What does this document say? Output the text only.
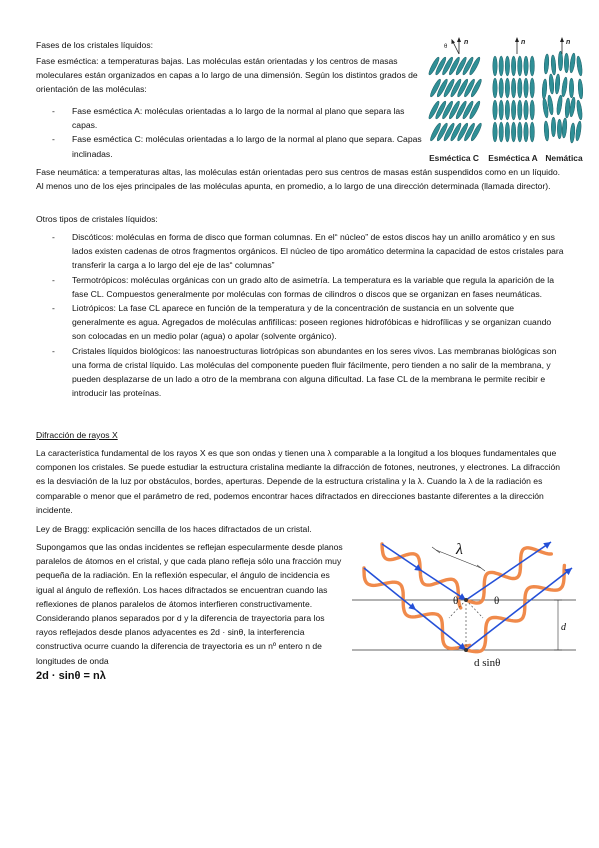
Fases de los cristales líquidos:

Fase esméctica: a temperaturas bajas. Las moléculas están orientadas y los centros de masas moleculares están organizados en capas a lo largo de una dimensión. Según los distintos grados de orientación de las moléculas:

- Fase esméctica A: moléculas orientadas a lo largo de la normal al plano que separa las capas.
- Fase esméctica C: moléculas orientadas a lo largo de la normal al plano que separa. Capas inclinadas.
n
θ
n	n
Esméctica C Esméctica A Nemática

Fase neumática: a temperaturas altas, las moléculas están orientadas pero sus centros de masas están suspendidos como en un líquido. Al menos uno de los ejes principales de las moléculas apunta, en promedio, a lo largo de una dirección determinada (llamada director).

Otros tipos de cristales líquidos:

- Discóticos: moléculas en forma de disco que forman columnas. En el“ núcleo” de estos discos hay un anillo aromático y en sus lados existen cadenas de otros fragmentos orgánicos. El núcleo de tipo aromático determina la capacidad de estos cristales para transferir la carga a lo largo del eje de las“ columnas”
- Termotrópicos: moléculas orgánicas con un grado alto de asimetría. La temperatura es la variable que regula la aparición de la fase CL. Compuestos generalmente por moléculas con formas de cilindros o discos que se organizan en fases neumáticas.
- Liotrópicos: La fase CL aparece en función de la temperatura y de la concentración de sustancia en un solvente que generalmente es agua. Agregados de moléculas anfifílicas: poseen regiones hidrofóbicas e hidrofílicas y se organizan cuando son colocadas en un medio polar (agua) o apolar (solvente orgánico).
- Cristales líquidos biológicos: las nanoestructuras liotrópicas son abundantes en los seres vivos. Las membranas biológicas son una forma de cristal líquido. Las moléculas del componente pueden fluir fácilmente, pero tienden a no salir de la membrana, y pueden desplazarse de un lado a otro de la membrana con alguna dificultad. La fase CL de la membrana le permite recibir e introducir las proteínas.

Difracción de rayos X

La característica fundamental de los rayos X es que son ondas y tienen una λ comparable a la longitud a los bloques fundamentales que componen los cristales. Se puede estudiar la estructura cristalina mediante la difracción de fotones, neutrones, y electrones. La difracción es la desviación de la luz por obstáculos, bordes, aperturas. Depende de la estructura cristalina y la λ. Cuando la λ de la radiación es comparable o menor que el parámetro de red, podemos encontrar haces difractados en direcciones bastante diferentes a la dirección incidente.

Ley de Bragg: explicación sencilla de los haces difractados de un cristal.

Supongamos que las ondas incidentes se reflejan especularmente desde planos paralelos de átomos en el cristal, y que cada plano refleja sólo una fracción muy pequeña de la radiación. En la reflexión especular, el ángulo de incidencia es igual al ángulo de reflexión. Los haces difractados se encuentran cuando las reflexiones de planos paralelos de átomos interfieren constructivamente. Considerando planos separados por d y la diferencia de trayectoria para los rayos reflejados desde planos adyacentes es 2d · sinθ, la interferencia constructiva ocurre cuando la diferencia de trayectoria es un nº entero n de longitudes de onda

2d · sinθ = nλ

λ
d
θ	θ
d sinθ
